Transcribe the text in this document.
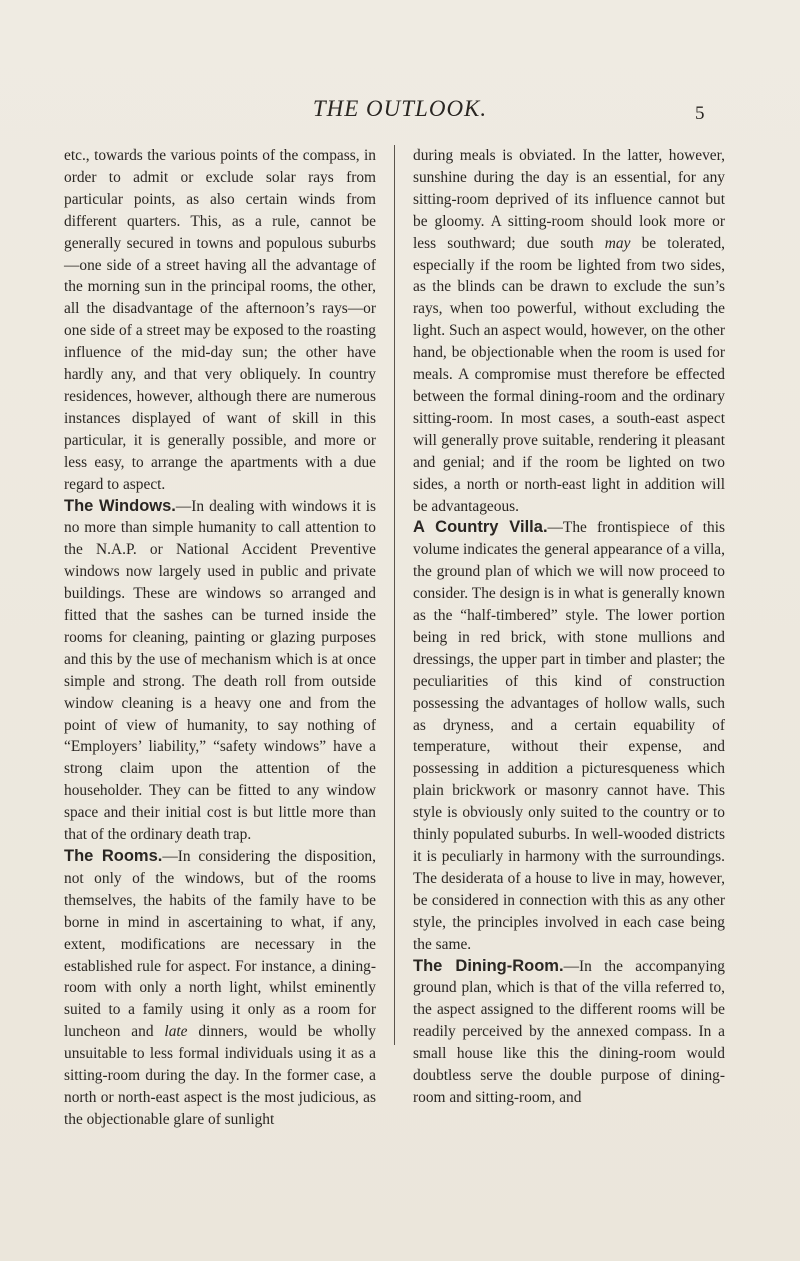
THE OUTLOOK.	5

etc., towards the various points of the compass, in order to admit or exclude solar rays from particular points, as also certain winds from different quarters. This, as a rule, cannot be generally secured in towns and populous suburbs —one side of a street having all the advantage of the morning sun in the principal rooms, the other, all the disadvantage of the afternoon’s rays—or one side of a street may be exposed to the roasting influence of the mid-day sun; the other have hardly any, and that very obliquely. In country residences, however, although there are numerous instances displayed of want of skill in this particular, it is generally possible, and more or less easy, to arrange the apartments with a due regard to aspect.

The Windows.—In dealing with windows it is no more than simple humanity to call attention to the N.A.P. or National Accident Preventive windows now largely used in public and private buildings. These are windows so arranged and fitted that the sashes can be turned inside the rooms for cleaning, painting or glazing purposes and this by the use of mechanism which is at once simple and strong. The death roll from outside window cleaning is a heavy one and from the point of view of humanity, to say nothing of “Employers’ liability,” “safety windows” have a strong claim upon the attention of the householder. They can be fitted to any window space and their initial cost is but little more than that of the ordinary death trap.

The Rooms.—In considering the disposition, not only of the windows, but of the rooms themselves, the habits of the family have to be borne in mind in ascertaining to what, if any, extent, modifications are necessary in the established rule for aspect. For instance, a dining-room with only a north light, whilst eminently suited to a family using it only as a room for luncheon and late dinners, would be wholly unsuitable to less formal individuals using it as a sitting-room during the day. In the former case, a north or north-east aspect is the most judicious, as the objectionable glare of sunlight

during meals is obviated. In the latter, however, sunshine during the day is an essential, for any sitting-room deprived of its influence cannot but be gloomy. A sitting-room should look more or less southward; due south may be tolerated, especially if the room be lighted from two sides, as the blinds can be drawn to exclude the sun’s rays, when too powerful, without excluding the light. Such an aspect would, however, on the other hand, be objectionable when the room is used for meals. A compromise must therefore be effected between the formal dining-room and the ordinary sitting-room. In most cases, a south-east aspect will generally prove suitable, rendering it pleasant and genial; and if the room be lighted on two sides, a north or north-east light in addition will be advantageous.

A Country Villa.—The frontispiece of this volume indicates the general appearance of a villa, the ground plan of which we will now proceed to consider. The design is in what is generally known as the “half-timbered” style. The lower portion being in red brick, with stone mullions and dressings, the upper part in timber and plaster; the peculiarities of this kind of construction possessing the advantages of hollow walls, such as dryness, and a certain equability of temperature, without their expense, and possessing in addition a picturesqueness which plain brickwork or masonry cannot have. This style is obviously only suited to the country or to thinly populated suburbs. In well-wooded districts it is peculiarly in harmony with the surroundings. The desiderata of a house to live in may, however, be considered in connection with this as any other style, the principles involved in each case being the same.

The Dining-Room.—In the accompanying ground plan, which is that of the villa referred to, the aspect assigned to the different rooms will be readily perceived by the annexed compass. In a small house like this the dining-room would doubtless serve the double purpose of dining-room and sitting-room, and
